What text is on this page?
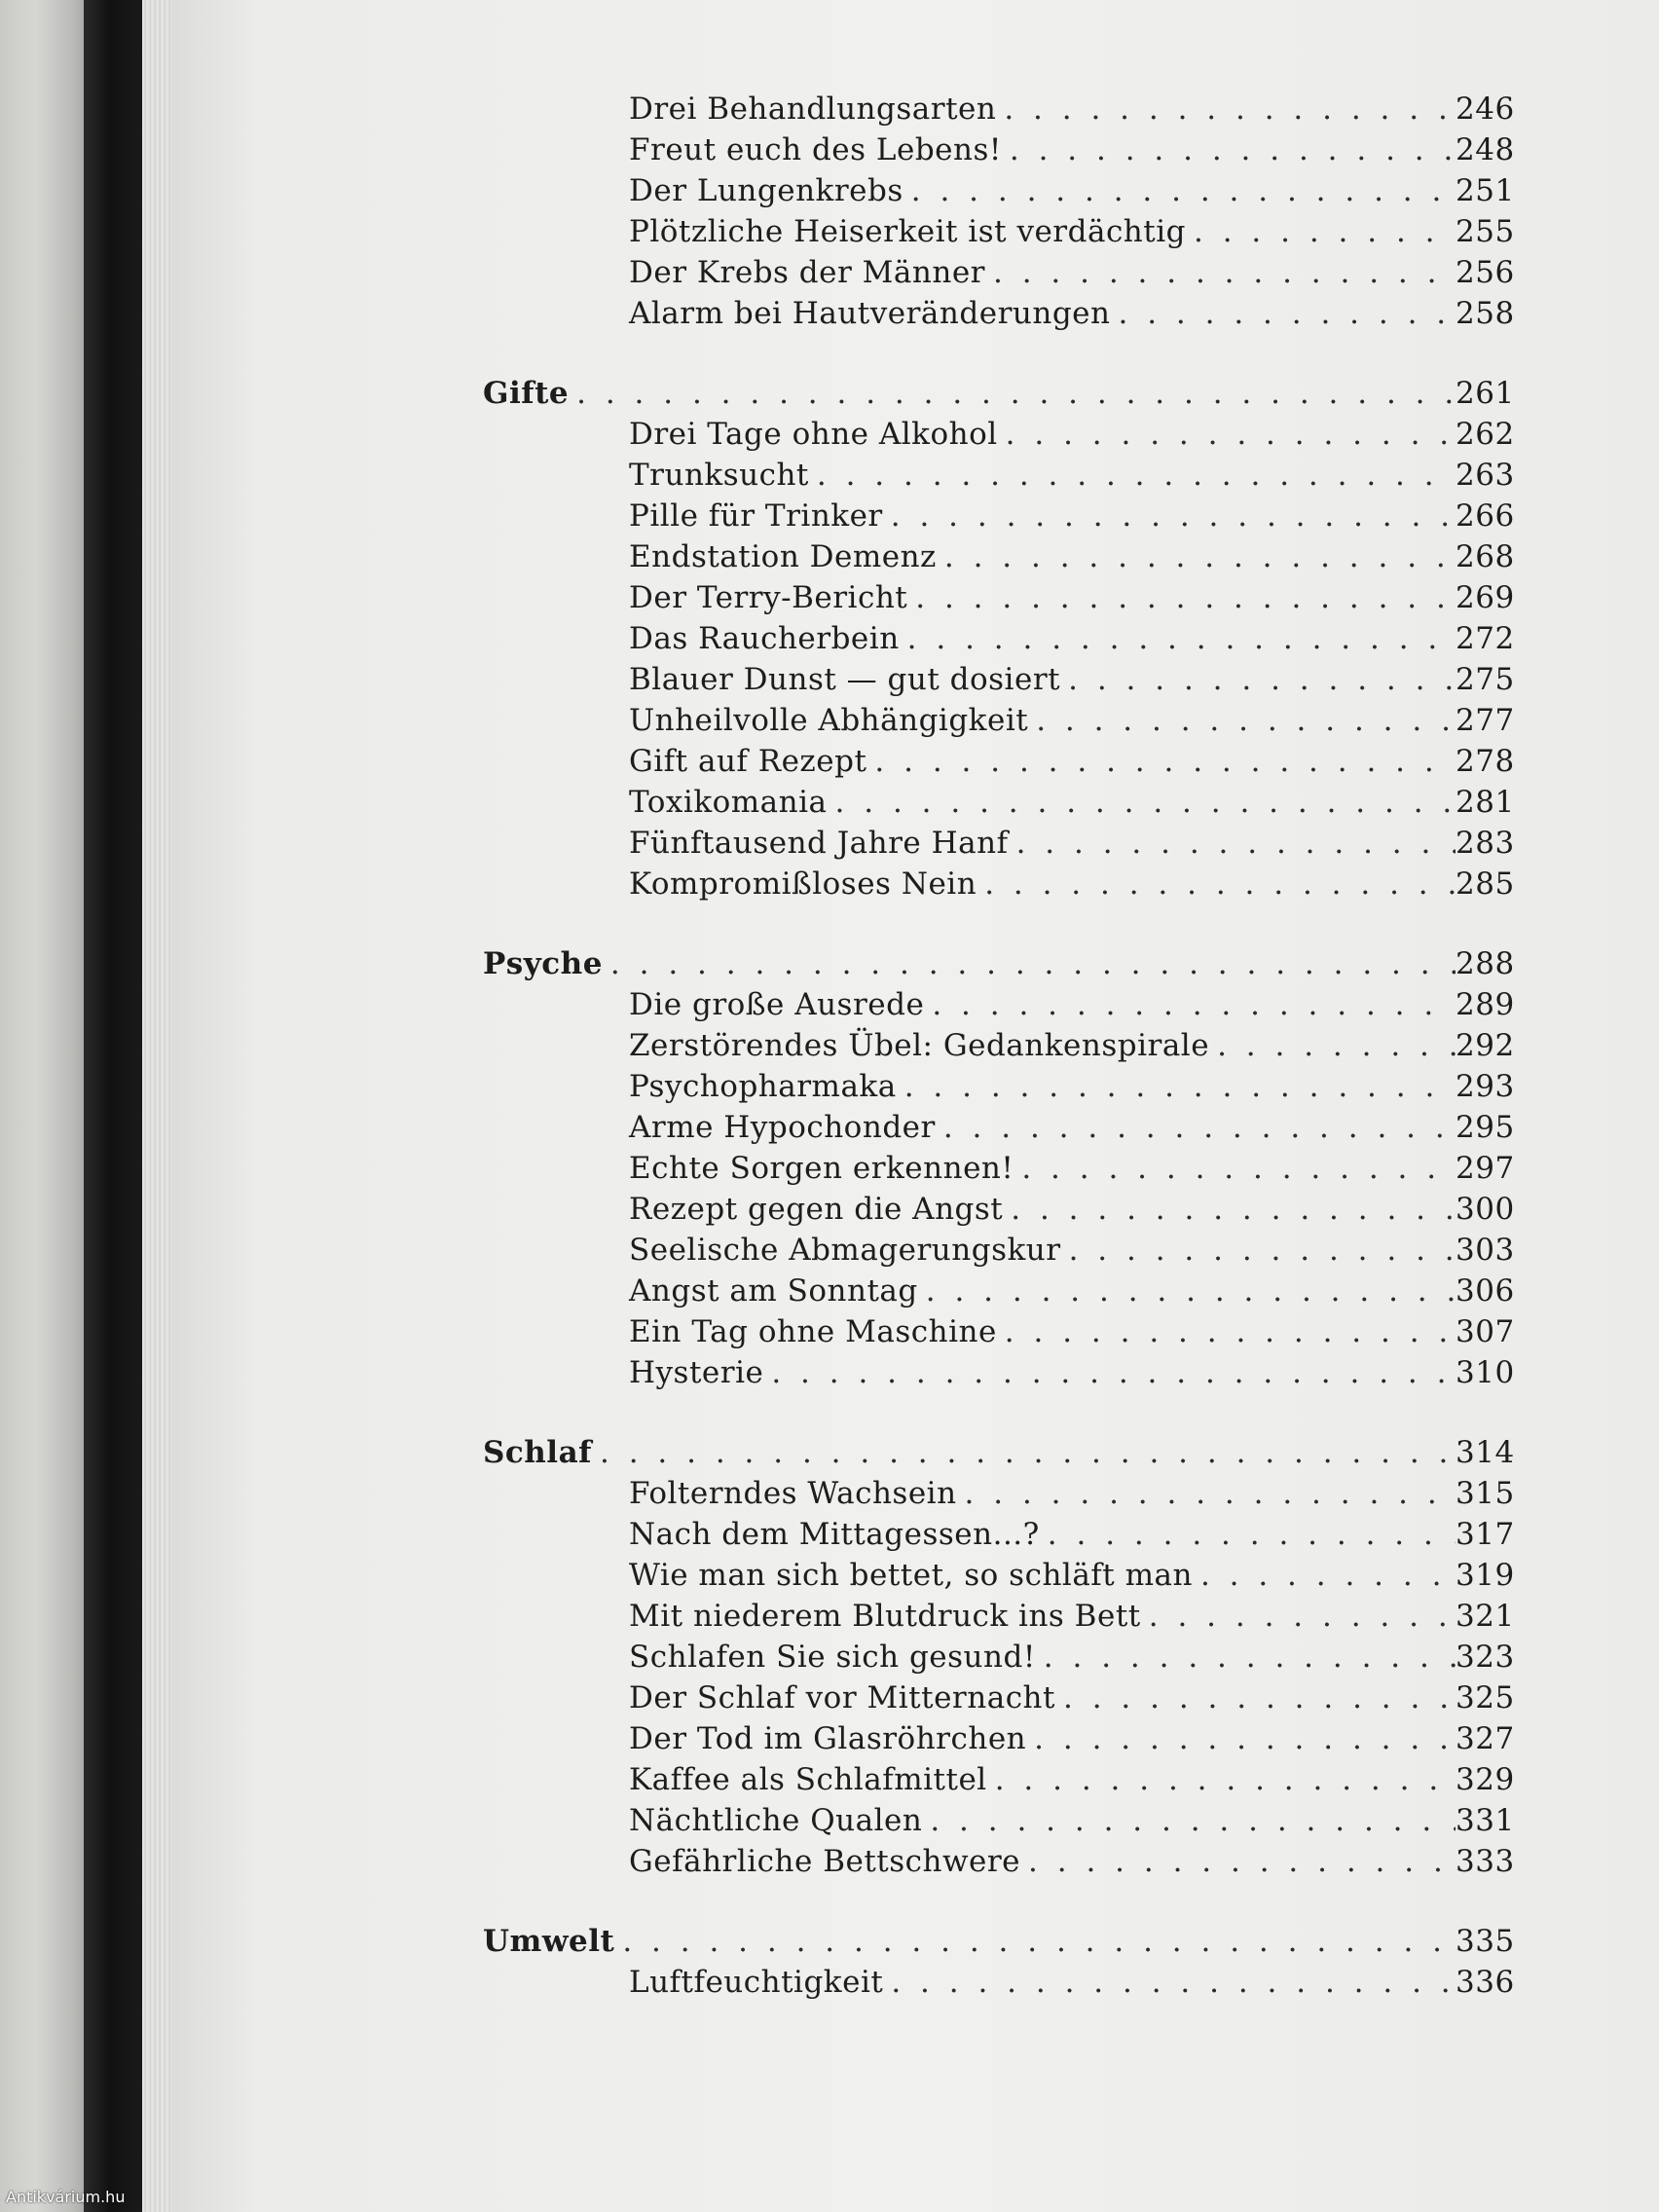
Drei Behandlungsarten . . .	246
Freut euch des Lebens! . . .	248
Der Lungenkrebs . . .	251
Plötzliche Heiserkeit ist verdächtig . . .	255
Der Krebs der Männer . . .	256
Alarm bei Hautveränderungen . . .	258
Gifte . . .	261
Drei Tage ohne Alkohol . . .	262
Trunksucht . . .	263
Pille für Trinker . . .	266
Endstation Demenz . . .	268
Der Terry-Bericht . . .	269
Das Raucherbein . . .	272
Blauer Dunst — gut dosiert . . .	275
Unheilvolle Abhängigkeit . . .	277
Gift auf Rezept . . .	278
Toxikomania . . .	281
Fünftausend Jahre Hanf . . .	283
Kompromißloses Nein . . .	285
Psyche . . .	288
Die große Ausrede . . .	289
Zerstörendes Übel: Gedankenspirale . . .	292
Psychopharmaka . . .	293
Arme Hypochonder . . .	295
Echte Sorgen erkennen! . . .	297
Rezept gegen die Angst . . .	300
Seelische Abmagerungskur . . .	303
Angst am Sonntag . . .	306
Ein Tag ohne Maschine . . .	307
Hysterie . . .	310
Schlaf . . .	314
Folterndes Wachsein . . .	315
Nach dem Mittagessen...? . . .	317
Wie man sich bettet, so schläft man . . .	319
Mit niederem Blutdruck ins Bett . . .	321
Schlafen Sie sich gesund! . . .	323
Der Schlaf vor Mitternacht . . .	325
Der Tod im Glasröhrchen . . .	327
Kaffee als Schlafmittel . . .	329
Nächtliche Qualen . . .	331
Gefährliche Bettschwere . . .	333
Umwelt . . .	335
Luftfeuchtigkeit . . .	336
Antikvárium.hu
